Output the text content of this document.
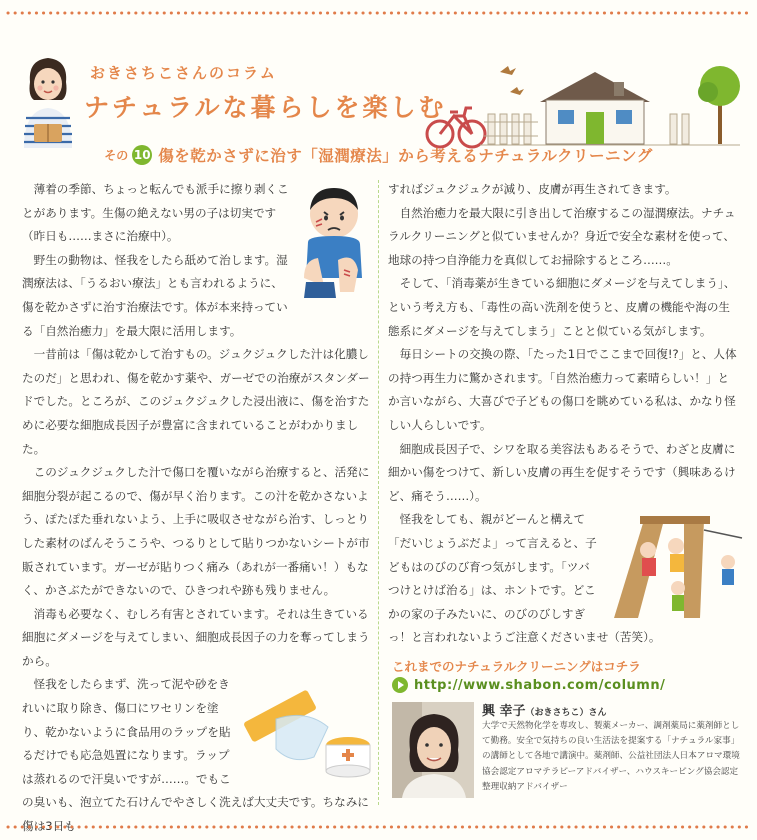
おきさちこさんのコラム
ナチュラルな暮らしを楽しむ
その 10 傷を乾かさずに治す「湿潤療法」から考えるナチュラルクリーニング

薄着の季節、ちょっと転んでも派手に擦り剥くことがあります。生傷の絶えない男の子は切実です（昨日も……まさに治療中）。

野生の動物は、怪我をしたら舐めて治します。湿潤療法は、「うるおい療法」とも言われるように、傷を乾かさずに治す治療法です。体が本来持っている「自然治癒力」を最大限に活用します。

一昔前は「傷は乾かして治すもの。ジュクジュクした汁は化膿したのだ」と思われ、傷を乾かす薬や、ガーゼでの治療がスタンダードでした。ところが、このジュクジュクした浸出液に、傷を治すために必要な細胞成長因子が豊富に含まれていることがわかりました。

このジュクジュクした汁で傷口を覆いながら治療すると、活発に細胞分裂が起こるので、傷が早く治ります。この汁を乾かさないよう、ぽたぽた垂れないよう、上手に吸収させながら治す、しっとりした素材のばんそうこうや、つるりとして貼りつかないシートが市販されています。ガーゼが貼りつく痛み（あれが一番痛い！）もなく、かさぶたができないので、ひきつれや跡も残りません。

消毒も必要なく、むしろ有害とされています。それは生きている細胞にダメージを与えてしまい、細胞成長因子の力を奪ってしまうから。

怪我をしたらまず、洗って泥や砂をきれいに取り除き、傷口にワセリンを塗り、乾かないように食品用のラップを貼るだけでも応急処置になります。ラップは蒸れるので汗臭いですが……。でもこの臭いも、泡立てた石けんでやさしく洗えば大丈夫です。ちなみに傷は3日も

すればジュクジュクが減り、皮膚が再生されてきます。

自然治癒力を最大限に引き出して治療するこの湿潤療法。ナチュラルクリーニングと似ていませんか？身近で安全な素材を使って、地球の持つ自浄能力を真似してお掃除するところ……。

そして、「消毒薬が生きている細胞にダメージを与えてしまう」、という考え方も、「毒性の高い洗剤を使うと、皮膚の機能や海の生態系にダメージを与えてしまう」ことと似ている気がします。

毎日シートの交換の際、「たった1日でここまで回復!?」と、人体の持つ再生力に驚かされます。「自然治癒力って素晴らしい！」とか言いながら、大喜びで子どもの傷口を眺めている私は、かなり怪しい人らしいです。

細胞成長因子で、シワを取る美容法もあるそうで、わざと皮膚に細かい傷をつけて、新しい皮膚の再生を促すそうです（興味あるけど、痛そう……）。

怪我をしても、親がどーんと構えて「だいじょうぶだよ」って言えると、子どもはのびのび育つ気がします。「ツバつけとけば治る」は、ホントです。どこかの家の子みたいに、のびのびしすぎっ！と言われないようご注意くださいませ（苦笑）。

これまでのナチュラルクリーニングはコチラ
http://www.shabon.com/column/
興 幸子（おきさちこ）さん
大学で天然物化学を専攻し、製薬メーカー、調剤薬局に薬剤師として勤務。安全で気持ちの良い生活法を提案する「ナチュラル家事」の講師として各地で講演中。薬剤師、公益社団法人日本アロマ環境協会認定アロマテラピーアドバイザー、ハウスキーピング協会認定整理収納アドバイザー
